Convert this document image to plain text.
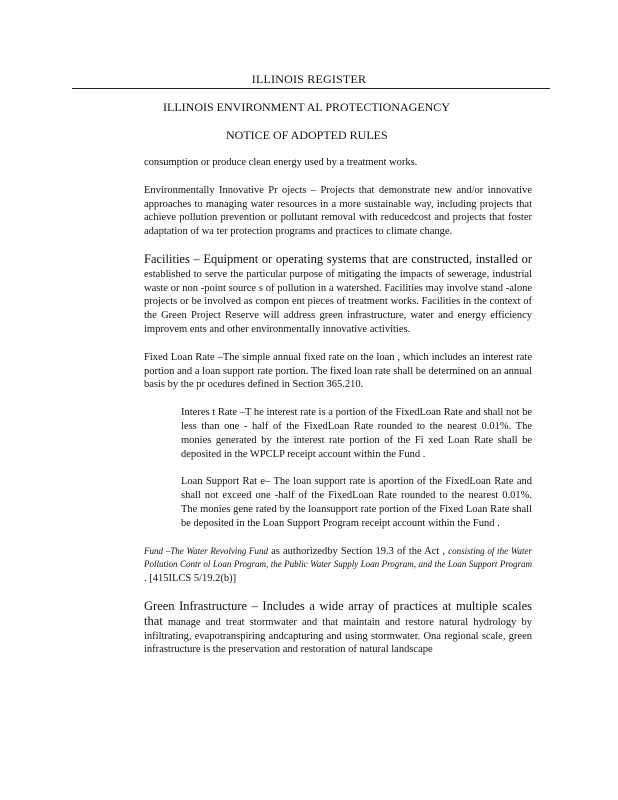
ILLINOIS REGISTER
ILLINOIS ENVIRONMENT AL PROTECTIONAGENCY
NOTICE OF ADOPTED RULES

consumption or produce clean energy used by a treatment works.

Environmentally Innovative Pr ojects – Projects that demonstrate new and/or innovative approaches to managing water resources in a more sustainable way, including projects that achieve pollution prevention or pollutant removal with reducedcost and projects that foster adaptation of wa ter protection programs and practices to climate change.

Facilities – Equipment or operating systems that are constructed, installed or established to serve the particular purpose of mitigating the impacts of sewerage, industrial waste or non -point source s of pollution in a watershed. Facilities may involve stand -alone projects or be involved as compon ent pieces of treatment works. Facilities in the context of the Green Project Reserve will address green infrastructure, water and energy efficiency improvem ents and other environmentally innovative activities.

Fixed Loan Rate –The simple annual fixed rate on the loan , which includes an interest rate portion and a loan support rate portion. The fixed loan rate shall be determined on an annual basis by the pr ocedures defined in Section 365.210.

Interes t Rate –T he interest rate is a portion of the FixedLoan Rate and shall not be less than one - half of the FixedLoan Rate rounded to the nearest 0.01%. The monies generated by the interest rate portion of the Fi xed Loan Rate shall be deposited in the WPCLP receipt account within the Fund .

Loan Support Rat e– The loan support rate is aportion of the FixedLoan Rate and shall not exceed one -half of the FixedLoan Rate rounded to the nearest 0.01%. The monies gene rated by the loansupport rate portion of the Fixed Loan Rate shall be deposited in the Loan Support Program receipt account within the Fund .

Fund –The Water Revolving Fund as authorizedby Section 19.3 of the Act , consisting of the Water Pollution Contr ol Loan Program, the Public Water Supply Loan Program, and the Loan Support Program . [415ILCS 5/19.2(b)]

Green Infrastructure – Includes a wide array of practices at multiple scales that manage and treat stormwater and that maintain and restore natural hydrology by infiltrating, evapotranspiring andcapturing and using stormwater. Ona regional scale, green infrastructure is the preservation and restoration of natural landscape
